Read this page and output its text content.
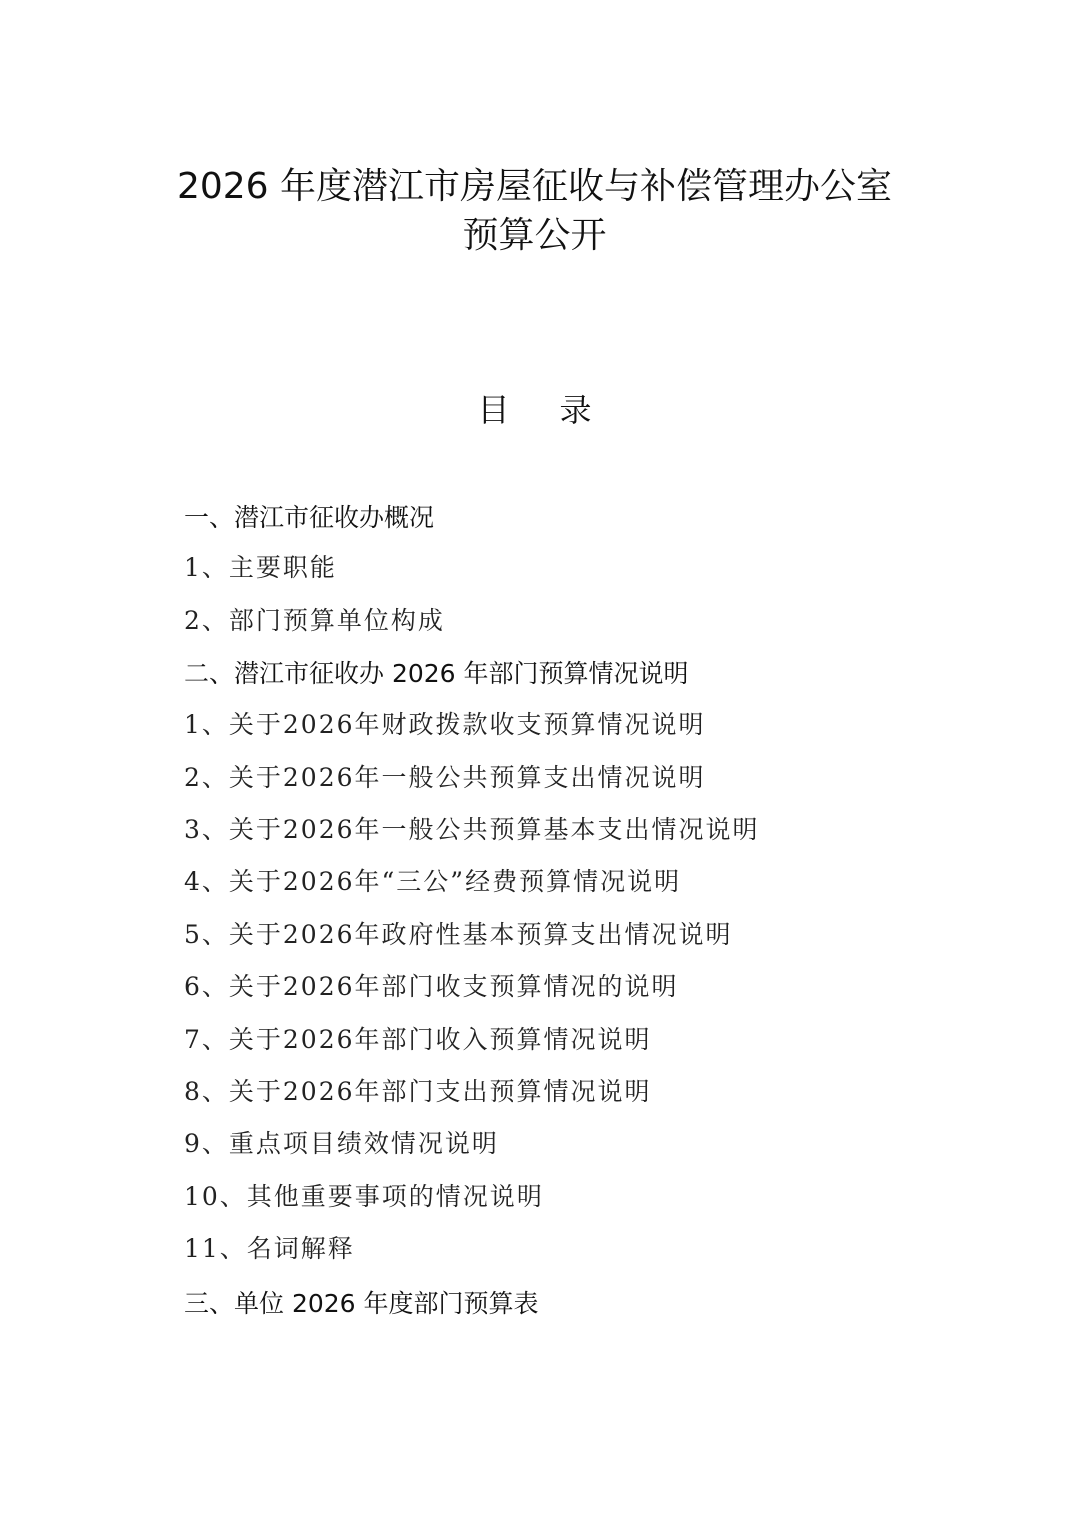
2026 年度潜江市房屋征收与补偿管理办公室
预算公开
目录
一、潜江市征收办概况
1、主要职能
2、部门预算单位构成
二、潜江市征收办 2026 年部门预算情况说明
1、关于2026年财政拨款收支预算情况说明
2、关于2026年一般公共预算支出情况说明
3、关于2026年一般公共预算基本支出情况说明
4、关于2026年“三公”经费预算情况说明
5、关于2026年政府性基本预算支出情况说明
6、关于2026年部门收支预算情况的说明
7、关于2026年部门收入预算情况说明
8、关于2026年部门支出预算情况说明
9、重点项目绩效情况说明
10、其他重要事项的情况说明
11、名词解释
三、单位 2026 年度部门预算表
